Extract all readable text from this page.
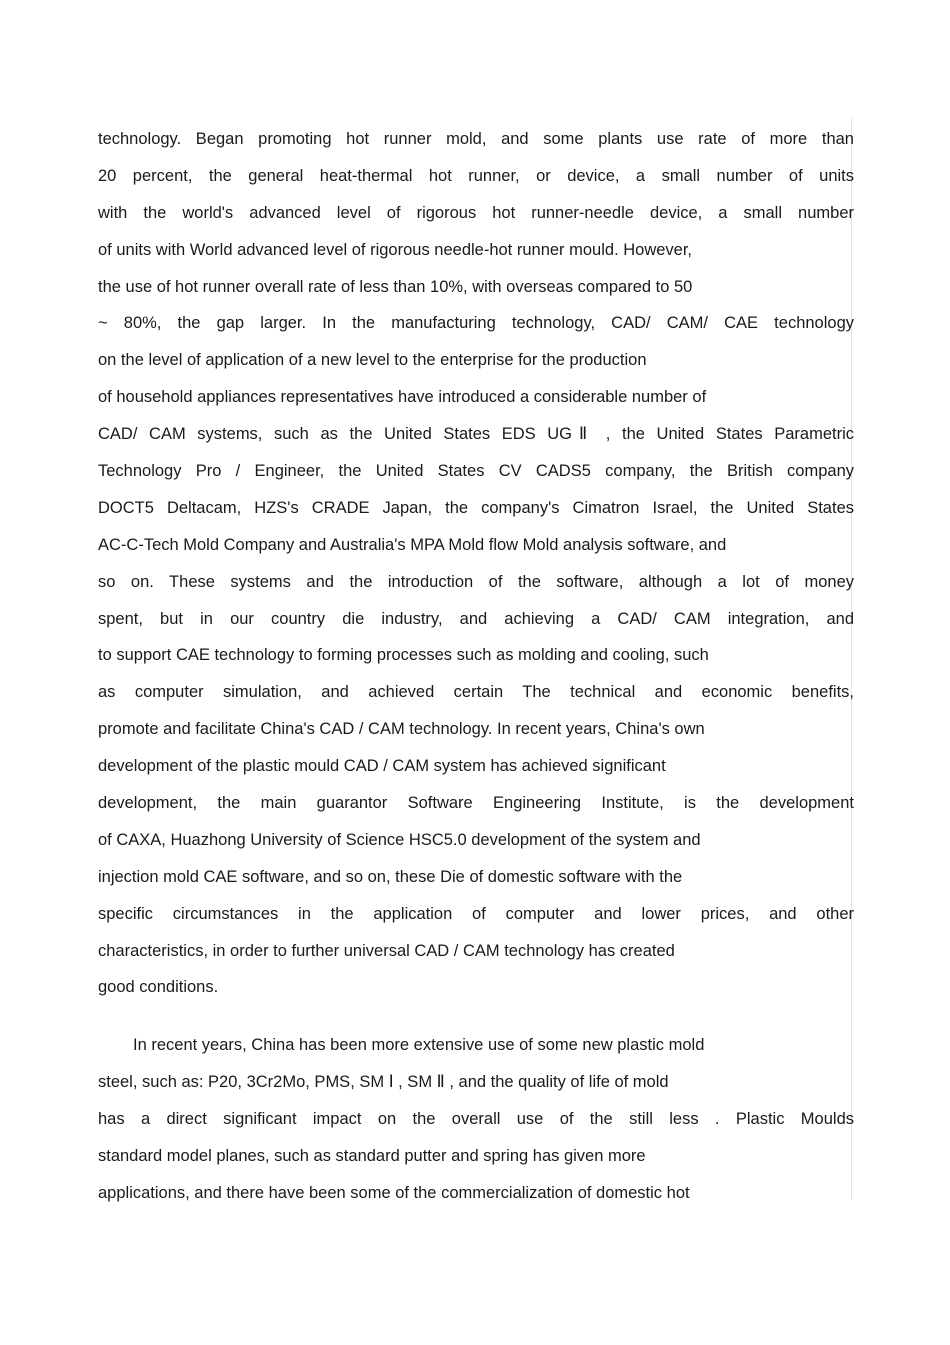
technology. Began promoting hot runner mold, and some plants use rate of more than
20 percent, the general heat-thermal hot runner, or device, a small number of units
with the world's advanced level of rigorous hot runner-needle device, a small number
of units with World advanced level of rigorous needle-hot runner mould. However,
the use of hot runner overall rate of less than 10%, with overseas compared to 50
~ 80%, the gap larger. In the manufacturing technology, CAD/ CAM/ CAE technology
on the level of application of a new level to the enterprise for the production
of household appliances representatives have introduced a considerable number of
CAD/ CAM systems, such as the United States EDS UGⅡ , the United States Parametric
Technology Pro / Engineer, the United States CV CADS5 company, the British company
DOCT5 Deltacam, HZS's CRADE Japan, the company's Cimatron Israel, the United States
AC-C-Tech Mold Company and Australia's MPA Mold flow Mold analysis software, and
so on. These systems and the introduction of the software, although a lot of money
spent, but in our country die industry, and achieving a CAD/ CAM integration, and
to support CAE technology to forming processes such as molding and cooling, such
as computer simulation, and achieved certain The technical and economic benefits,
promote and facilitate China's CAD / CAM technology. In recent years, China's own
development of the plastic mould CAD / CAM system has achieved significant
development, the main guarantor Software Engineering Institute, is the development
of CAXA, Huazhong University of Science HSC5.0 development of the system and
injection mold CAE software, and so on, these Die of domestic software with the
specific circumstances in the application of computer and lower prices, and other
characteristics, in order to further universal CAD / CAM technology has created
good conditions.
In recent years, China has been more extensive use of some new plastic mold
steel, such as: P20, 3Cr2Mo, PMS, SM Ⅰ , SM Ⅱ , and the quality of life of mold
has a direct significant impact on the overall use of the still less . Plastic Moulds
standard model planes, such as standard putter and spring has given more
applications, and there have been some of the commercialization of domestic hot
